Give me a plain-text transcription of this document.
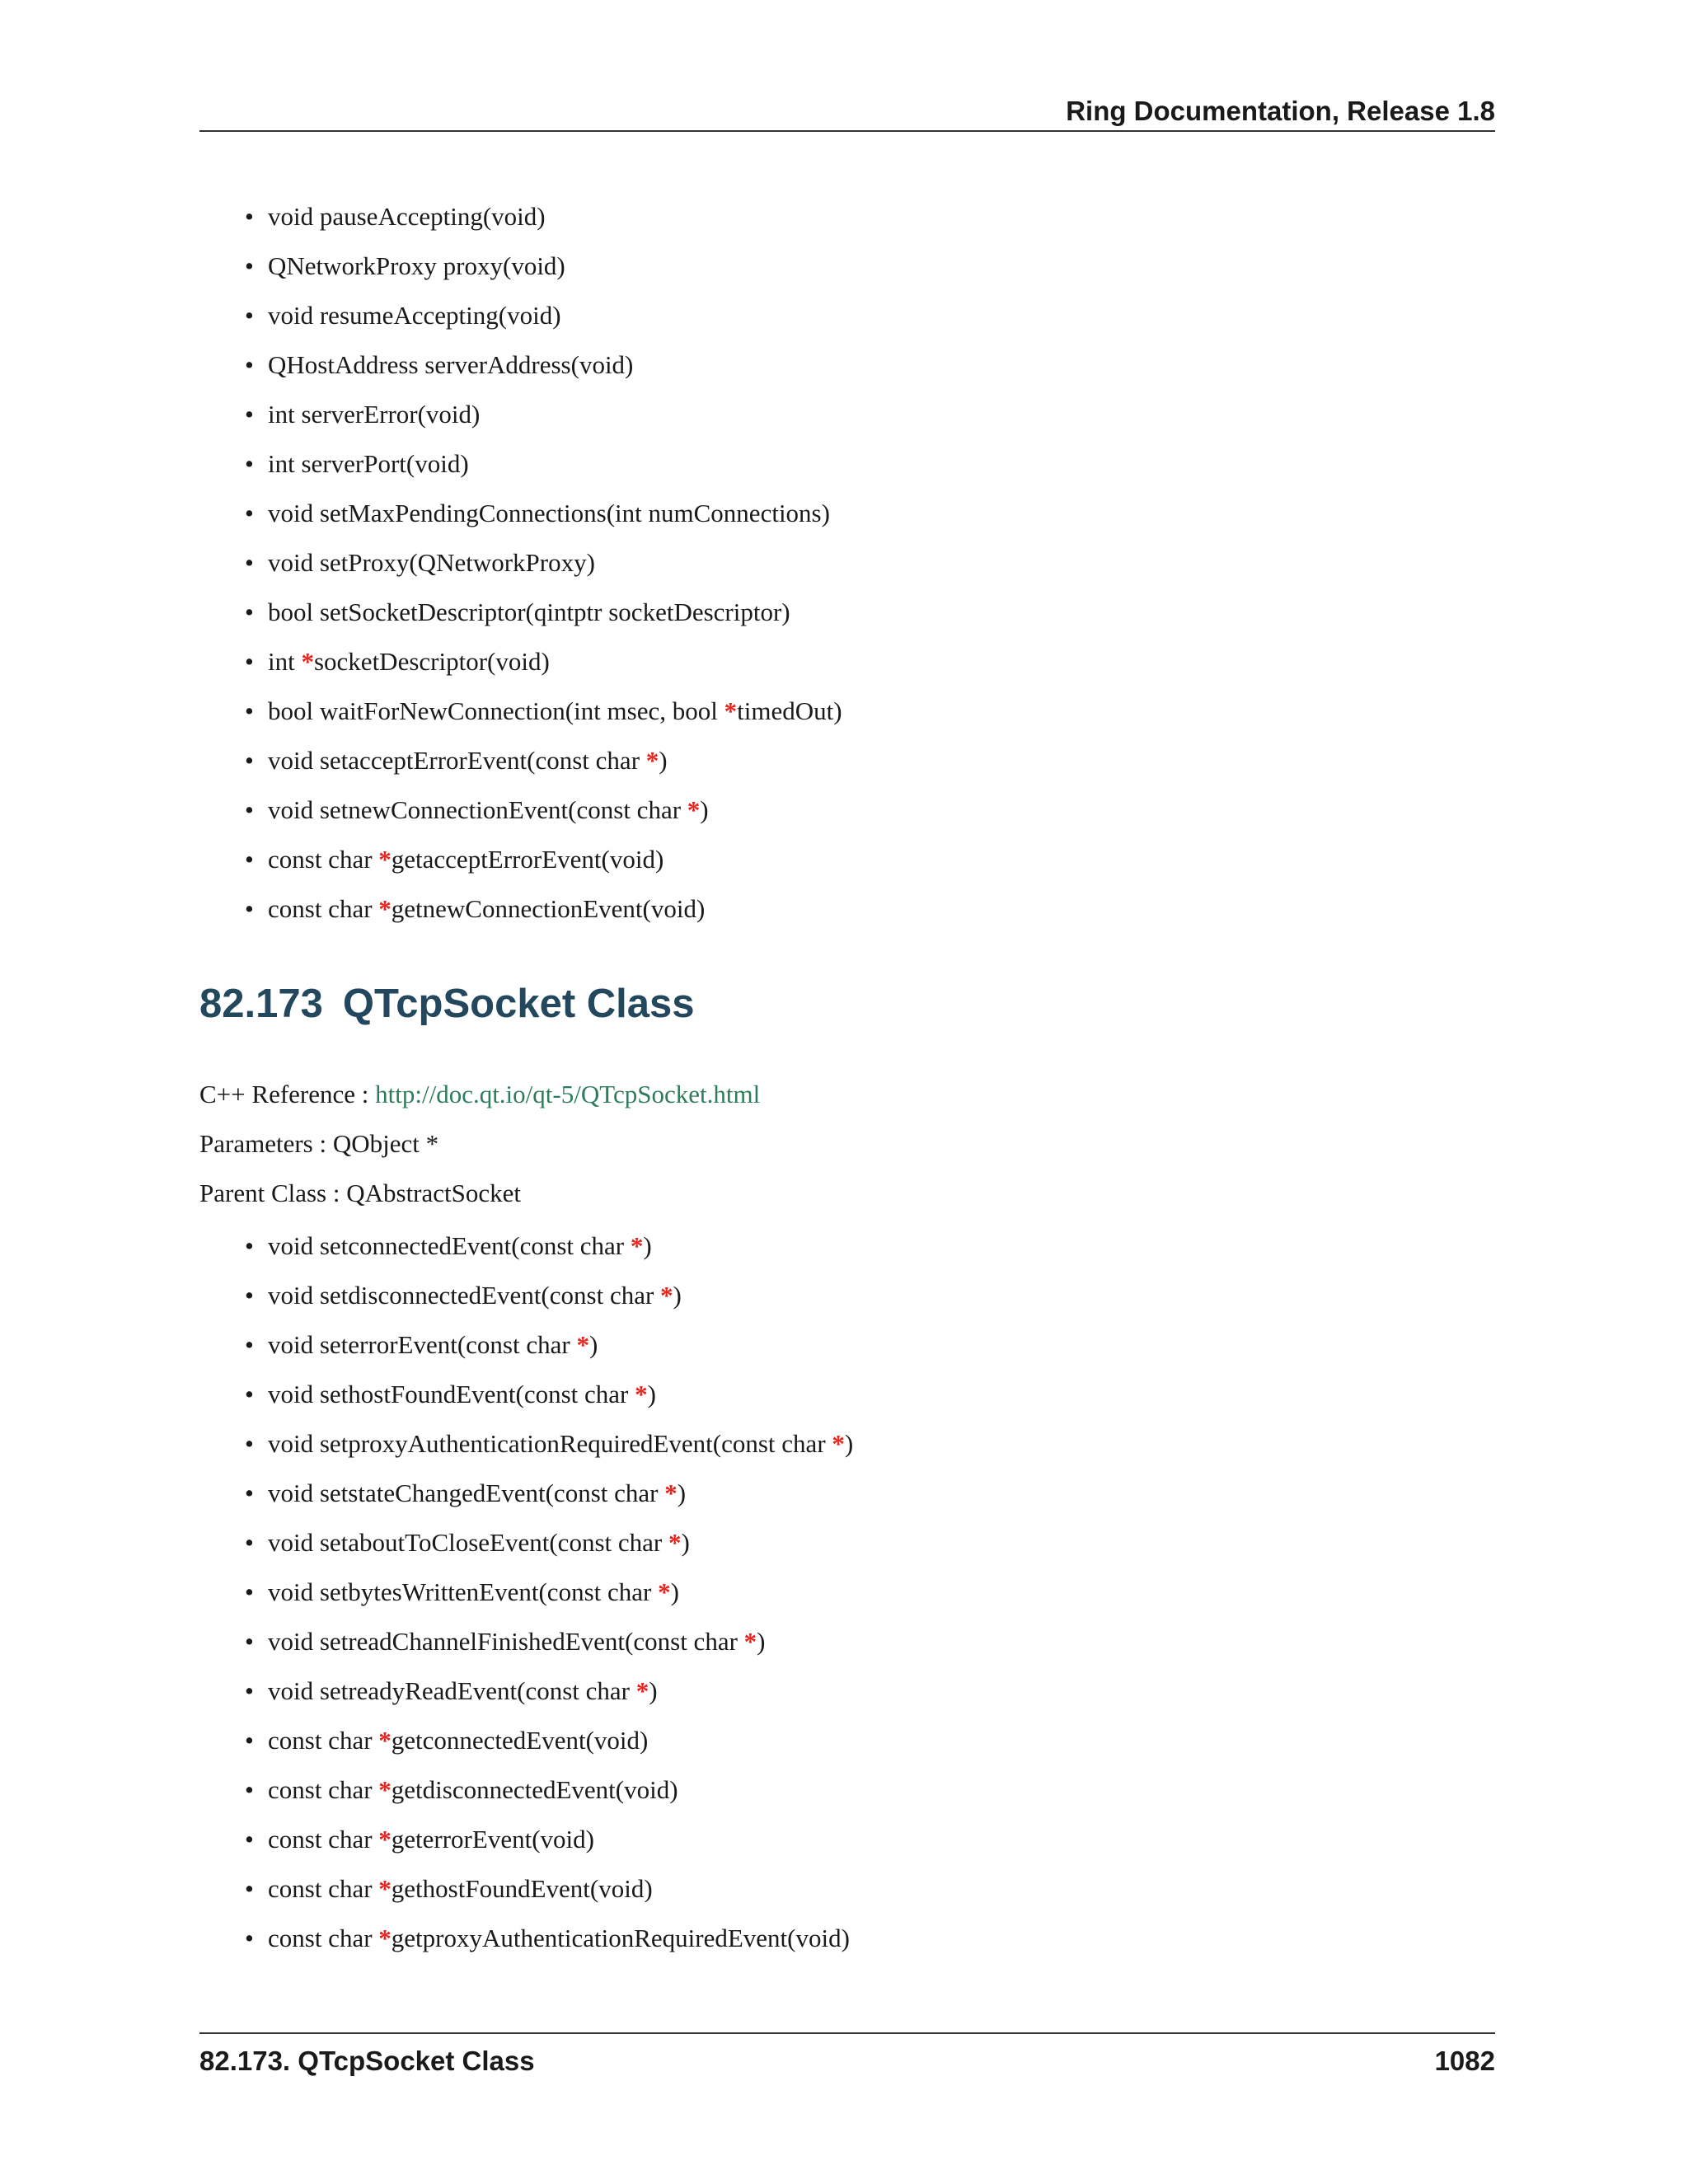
Ring Documentation, Release 1.8
• void pauseAccepting(void)
• QNetworkProxy proxy(void)
• void resumeAccepting(void)
• QHostAddress serverAddress(void)
• int serverError(void)
• int serverPort(void)
• void setMaxPendingConnections(int numConnections)
• void setProxy(QNetworkProxy)
• bool setSocketDescriptor(qintptr socketDescriptor)
• int *socketDescriptor(void)
• bool waitForNewConnection(int msec, bool *timedOut)
• void setacceptErrorEvent(const char *)
• void setnewConnectionEvent(const char *)
• const char *getacceptErrorEvent(void)
• const char *getnewConnectionEvent(void)
82.173 QTcpSocket Class

C++ Reference : http://doc.qt.io/qt-5/QTcpSocket.html

Parameters : QObject *

Parent Class : QAbstractSocket

• void setconnectedEvent(const char *)
• void setdisconnectedEvent(const char *)
• void seterrorEvent(const char *)
• void sethostFoundEvent(const char *)
• void setproxyAuthenticationRequiredEvent(const char *)
• void setstateChangedEvent(const char *)
• void setaboutToCloseEvent(const char *)
• void setbytesWrittenEvent(const char *)
• void setreadChannelFinishedEvent(const char *)
• void setreadyReadEvent(const char *)
• const char *getconnectedEvent(void)
• const char *getdisconnectedEvent(void)
• const char *geterrorEvent(void)
• const char *gethostFoundEvent(void)
• const char *getproxyAuthenticationRequiredEvent(void)
82.173. QTcpSocket Class	1082
